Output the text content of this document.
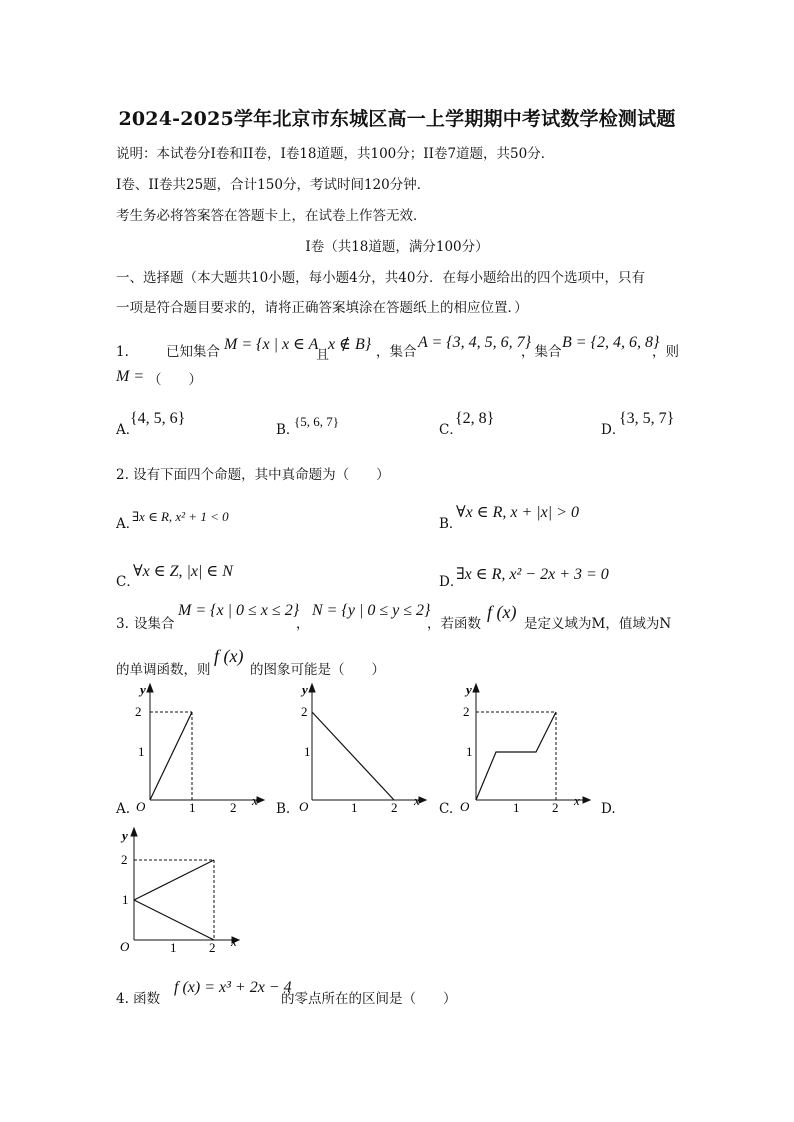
2024-2025学年北京市东城区高一上学期期中考试数学检测试题
说明：本试卷分I卷和II卷，I卷18道题，共100分；II卷7道题，共50分．
I卷、II卷共25题，合计150分，考试时间120分钟．
考生务必将答案答在答题卡上，在试卷上作答无效．
I卷（共18道题，满分100分）
一、选择题（本大题共10小题，每小题4分，共40分．在每小题给出的四个选项中，只有
一项是符合题目要求的，请将正确答案填涂在答题纸上的相应位置．）
1.	已知集合 M = {x | x ∈ A
且
x ∉ B} ，集合
A = {3, 4, 5, 6, 7}
，集合
B = {2, 4, 6, 8}
，则
M = （　　）
A．
{4, 5, 6}
B．
{5, 6, 7}
C．
{2, 8}
D．
{3, 5, 7}
2. 设有下面四个命题，其中真命题为（　　）
A．
∃x ∈ R, x² + 1 < 0	B．
∀x ∈ R, x + |x| > 0
C．
∀x ∈ Z, |x| ∈ N
D．
∃x ∈ R, x² − 2x + 3 = 0
3. 设集合
M = {x | 0 ≤ x ≤ 2}
，
N = {y | 0 ≤ y ≤ 2}
，若函数
f (x)
是定义域为M，值域为N
的单调函数，则
f (x)
的图象可能是（　　）
y
2
1
O	1	2 x
A.
y
2
1
O	1	2 x
B.
y
2
1
O	1	2 x
C.	D.
y
2
1
O	1	2 x
4. 函数
f (x) = x³ + 2x − 4
的零点所在的区间是（　　）
